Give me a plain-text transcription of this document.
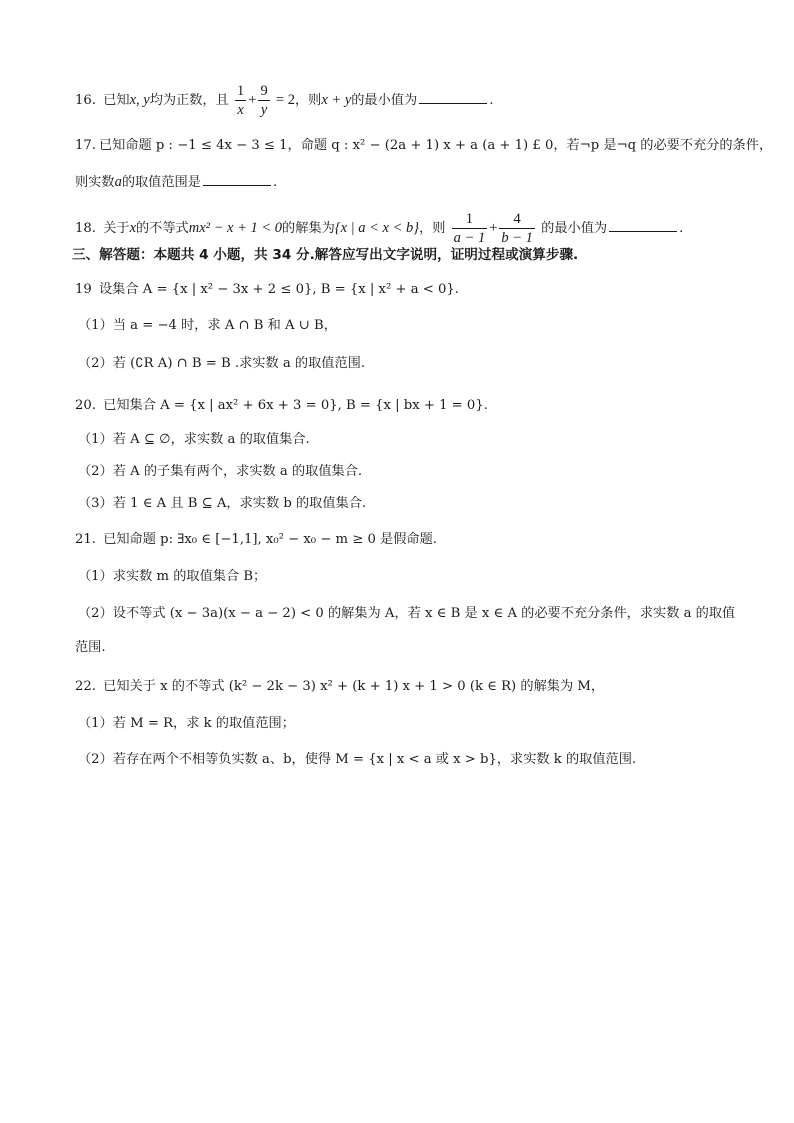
16. 已知x, y均为正数，且 $\frac{1}{x} + \frac{9}{y} = 2$，则x + y的最小值为	.
17. 已知命题 p : −1 ≤ 4x − 3 ≤ 1，命题 q : x² − (2a + 1) x + a (a + 1) £ 0，若¬p 是¬q 的必要不充分的条件，
则实数a的取值范围是	.
18. 关于x的不等式mx² − x + 1 < 0的解集为{x | a < x < b}，则 $\frac{1}{a - 1} + \frac{4}{b - 1}$ 的最小值为	.
三、解答题：本题共 4 小题，共 34 分.解答应写出文字说明，证明过程或演算步骤.
19 设集合 A = {x | x² − 3x + 2 ≤ 0}, B = {x | x² + a < 0}.
（1）当 a = −4 时，求 A ∩ B 和 A ∪ B，
（2）若 (∁R A) ∩ B = B .求实数 a 的取值范围.
20. 已知集合 A = {x | ax² + 6x + 3 = 0}, B = {x | bx + 1 = 0}.
（1）若 A ⊆ ∅，求实数 a 的取值集合.
（2）若 A 的子集有两个，求实数 a 的取值集合.
（3）若 1 ∈ A 且 B ⊆ A，求实数 b 的取值集合.
21. 已知命题 p: ∃x₀ ∈ [−1,1], x₀² − x₀ − m ≥ 0 是假命题.
（1）求实数 m 的取值集合 B；
（2）设不等式 (x − 3a)(x − a − 2) < 0 的解集为 A，若 x ∈ B 是 x ∈ A 的必要不充分条件，求实数 a 的取值
范围.
22. 已知关于 x 的不等式 (k² − 2k − 3) x² + (k + 1) x + 1 > 0 (k ∈ R) 的解集为 M，
（1）若 M = R，求 k 的取值范围；
（2）若存在两个不相等负实数 a、b，使得 M = {x | x < a 或 x > b}，求实数 k 的取值范围.
